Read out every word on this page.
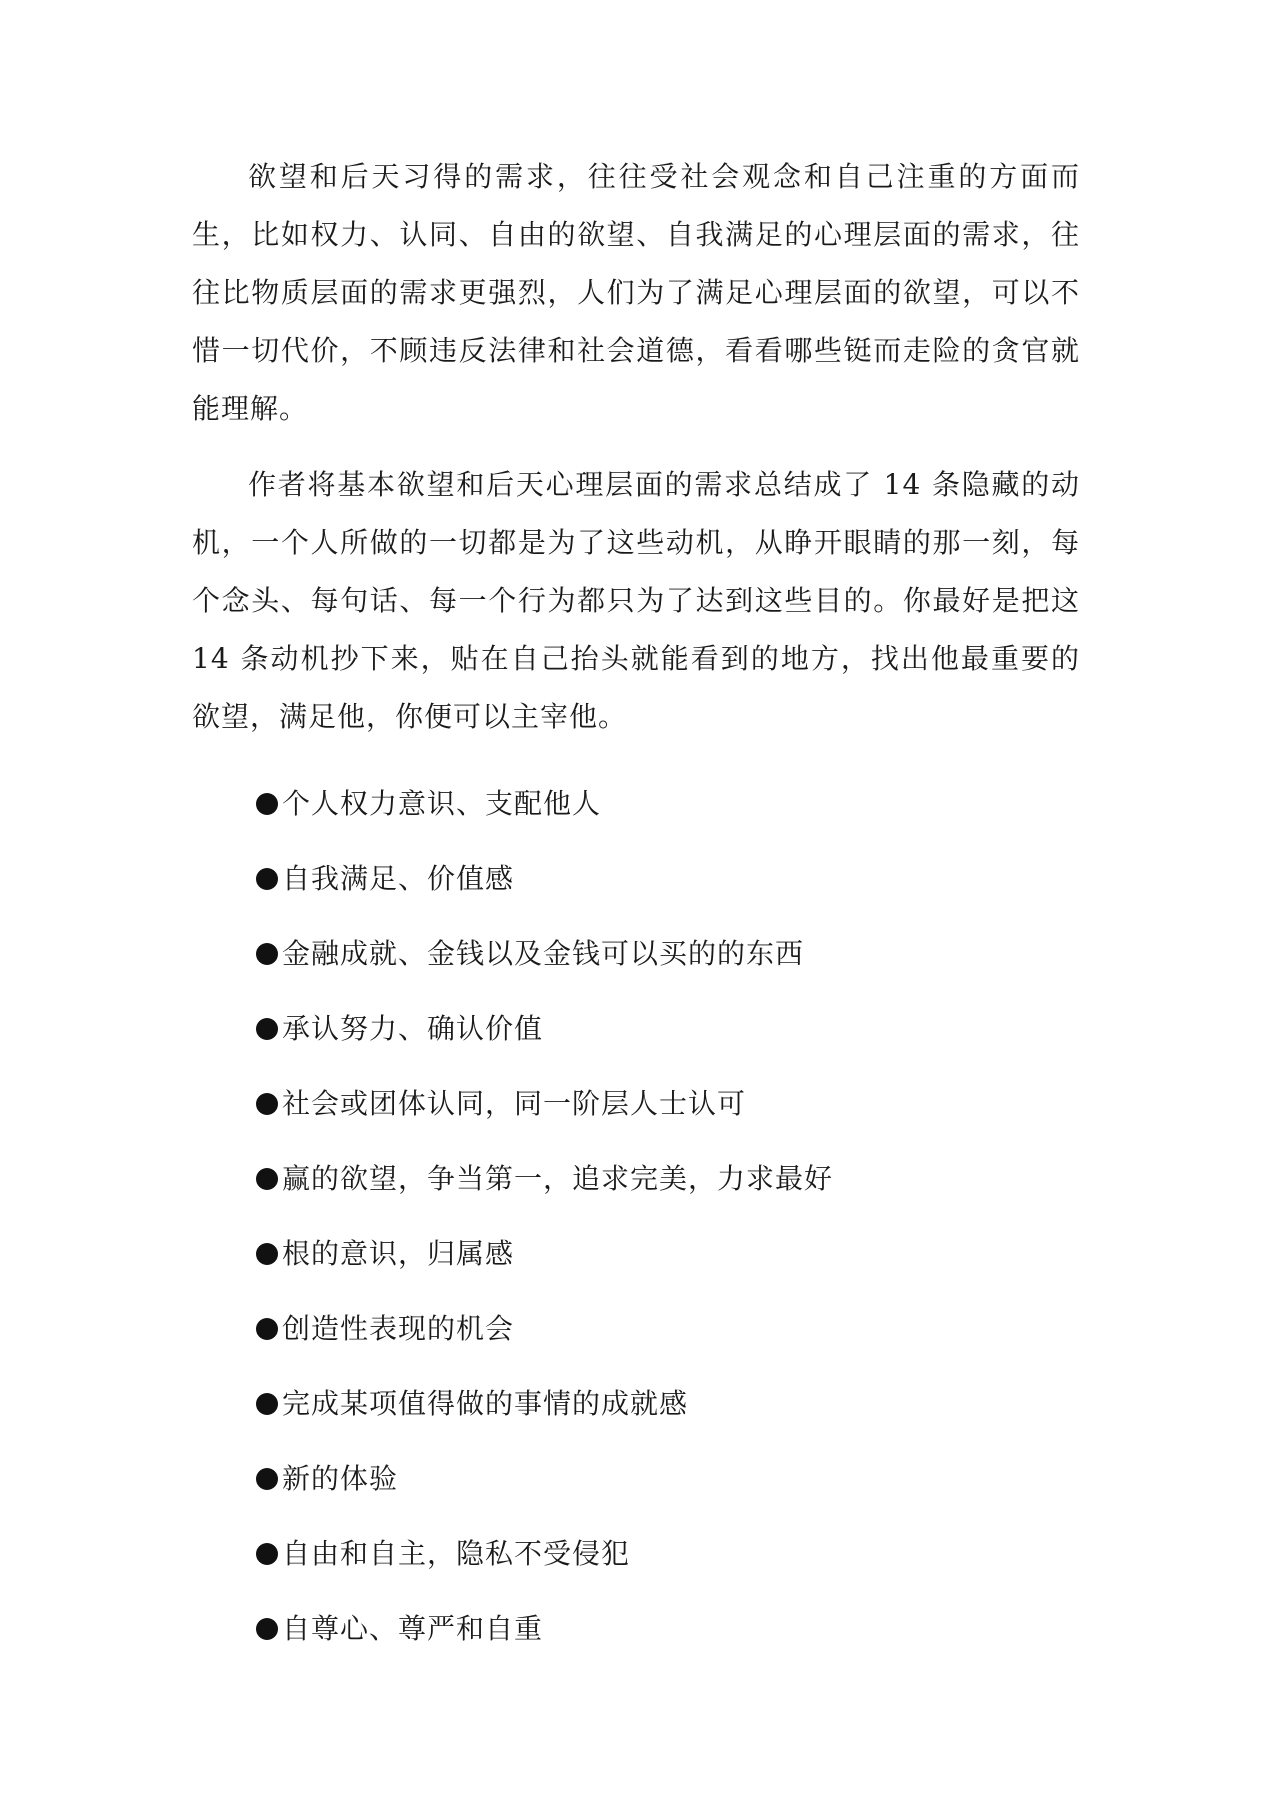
欲望和后天习得的需求，往往受社会观念和自己注重的方面而生，比如权力、认同、自由的欲望、自我满足的心理层面的需求，往往比物质层面的需求更强烈，人们为了满足心理层面的欲望，可以不惜一切代价，不顾违反法律和社会道德，看看哪些铤而走险的贪官就能理解。

作者将基本欲望和后天心理层面的需求总结成了 14 条隐藏的动机，一个人所做的一切都是为了这些动机，从睁开眼睛的那一刻，每个念头、每句话、每一个行为都只为了达到这些目的。你最好是把这 14 条动机抄下来，贴在自己抬头就能看到的地方，找出他最重要的欲望，满足他，你便可以主宰他。

个人权力意识、支配他人
自我满足、价值感
金融成就、金钱以及金钱可以买的的东西
承认努力、确认价值
社会或团体认同，同一阶层人士认可
赢的欲望，争当第一，追求完美，力求最好
根的意识，归属感
创造性表现的机会
完成某项值得做的事情的成就感
新的体验
自由和自主，隐私不受侵犯
自尊心、尊严和自重
